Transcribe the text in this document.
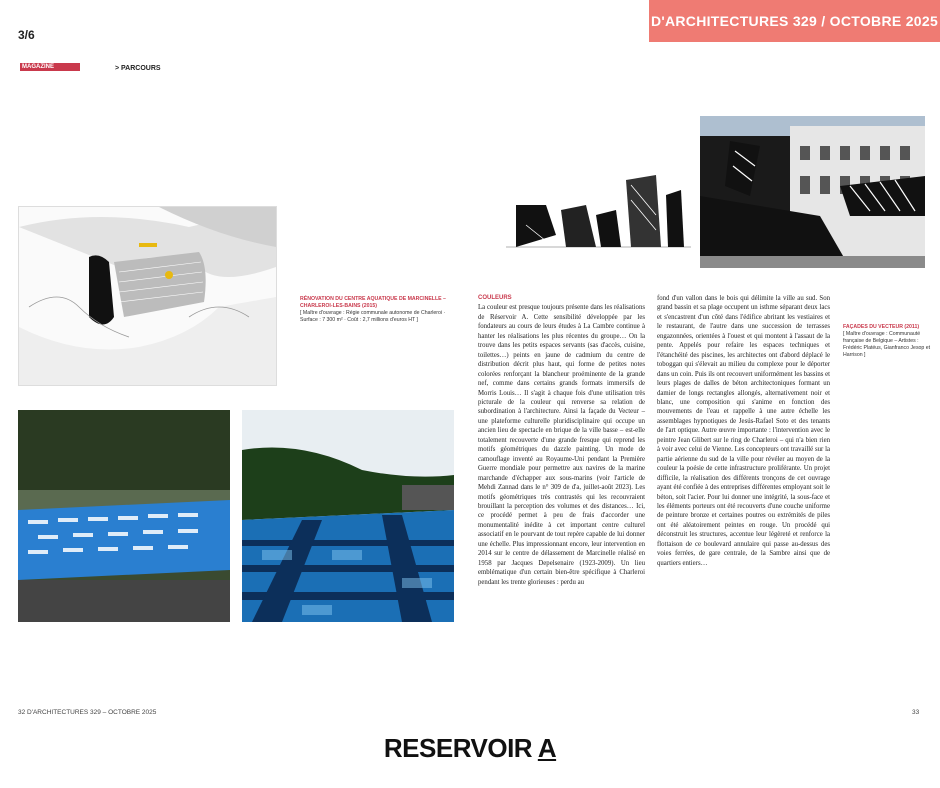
3/6
D'ARCHITECTURES 329 / OCTOBRE 2025
MAGAZINE	> PARCOURS
RÉNOVATION DU CENTRE AQUATIQUE DE MARCINELLE – CHARLEROI-LES-BAINS (2015)
[ Maître d'ouvrage : Régie communale autonome de Charleroi · Surface : 7 300 m² · Coût : 2,7 millions d'euros HT ]
FAÇADES DU VECTEUR (2011)
[ Maître d'ouvrage : Communauté française de Belgique – Artistes : Frédéric Platéus, Gianfranco Jesop et Harrison ]
COULEURS
La couleur est presque toujours présente dans les réalisations de Réservoir A. Cette sensibilité développée par les fondateurs au cours de leurs études à La Cambre continue à hanter les réalisations les plus récentes du groupe… On la trouve dans les petits espaces servants (sas d'accès, cuisine, toilettes…) peints en jaune de cadmium du centre de distribution décrit plus haut, qui forme de petites notes colorées renforçant la blancheur proéminente de la grande nef, comme dans certains grands formats immersifs de Morris Louis… Il s'agit à chaque fois d'une utilisation très picturale de la couleur qui renverse sa relation de subordination à l'architecture. Ainsi la façade du Vecteur – une plateforme culturelle pluridisciplinaire qui occupe un ancien lieu de spectacle en brique de la ville basse – est-elle totalement recouverte d'une grande fresque qui reprend les motifs géométriques du dazzle painting. Un mode de camouflage inventé au Royaume-Uni pendant la Première Guerre mondiale pour permettre aux navires de la marine marchande d'échapper aux sous-marins (voir l'article de Mehdi Zannad dans le n° 309 de d'a, juillet-août 2023). Les motifs géométriques très contrastés qui les recouvraient brouillant la perception des volumes et des distances… Ici, ce procédé permet à peu de frais d'accorder une monumentalité inédite à cet important centre culturel associatif en le pourvant de tout repère capable de lui donner une échelle. Plus impressionnant encore, leur intervention en 2014 sur le centre de délassement de Marcinelle réalisé en 1958 par Jacques Depelsenaire (1923-2009). Un lieu emblématique d'un certain bien-être spécifique à Charleroi pendant les trente glorieuses : perdu au
fond d'un vallon dans le bois qui délimite la ville au sud. Son grand bassin et sa plage occupent un isthme séparant deux lacs et s'encastrent d'un côté dans l'édifice abritant les vestiaires et le restaurant, de l'autre dans une succession de terrasses engazonnées, orientées à l'ouest et qui montent à l'assaut de la pente. Appelés pour refaire les espaces techniques et l'étanchéité des piscines, les architectes ont d'abord déplacé le toboggan qui s'élevait au milieu du complexe pour le déporter dans un coin. Puis ils ont recouvert uniformément les bassins et leurs plages de dalles de béton architectoniques formant un damier de longs rectangles allongés, alternativement noir et blanc, une composition qui s'anime en fonction des mouvements de l'eau et rappelle à une autre échelle les assemblages hypnotiques de Jesús-Rafael Soto et des tenants de l'art optique. Autre œuvre importante : l'intervention avec le peintre Jean Glibert sur le ring de Charleroi – qui n'a bien rien à voir avec celui de Vienne. Les concepteurs ont travaillé sur la partie aérienne du sud de la ville pour révéler au moyen de la couleur la poésie de cette infrastructure proliférante. Un projet difficile, la réalisation des différents tronçons de cet ouvrage ayant été confiée à des entreprises différentes employant soit le béton, soit l'acier. Pour lui donner une intégrité, la sous-face et les éléments porteurs ont été recouverts d'une couche uniforme de peinture bronze et certaines poutres ou extrémités de piles ont été aléatoirement peintes en rouge. Un procédé qui déconstruit les structures, accentue leur légèreté et renforce la flottaison de ce boulevard annulaire qui passe au-dessus des voies ferrées, de gare centrale, de la Sambre ainsi que de quartiers entiers…
32 D'ARCHITECTURES 329 – OCTOBRE 2025	33
RESERVOIR A
